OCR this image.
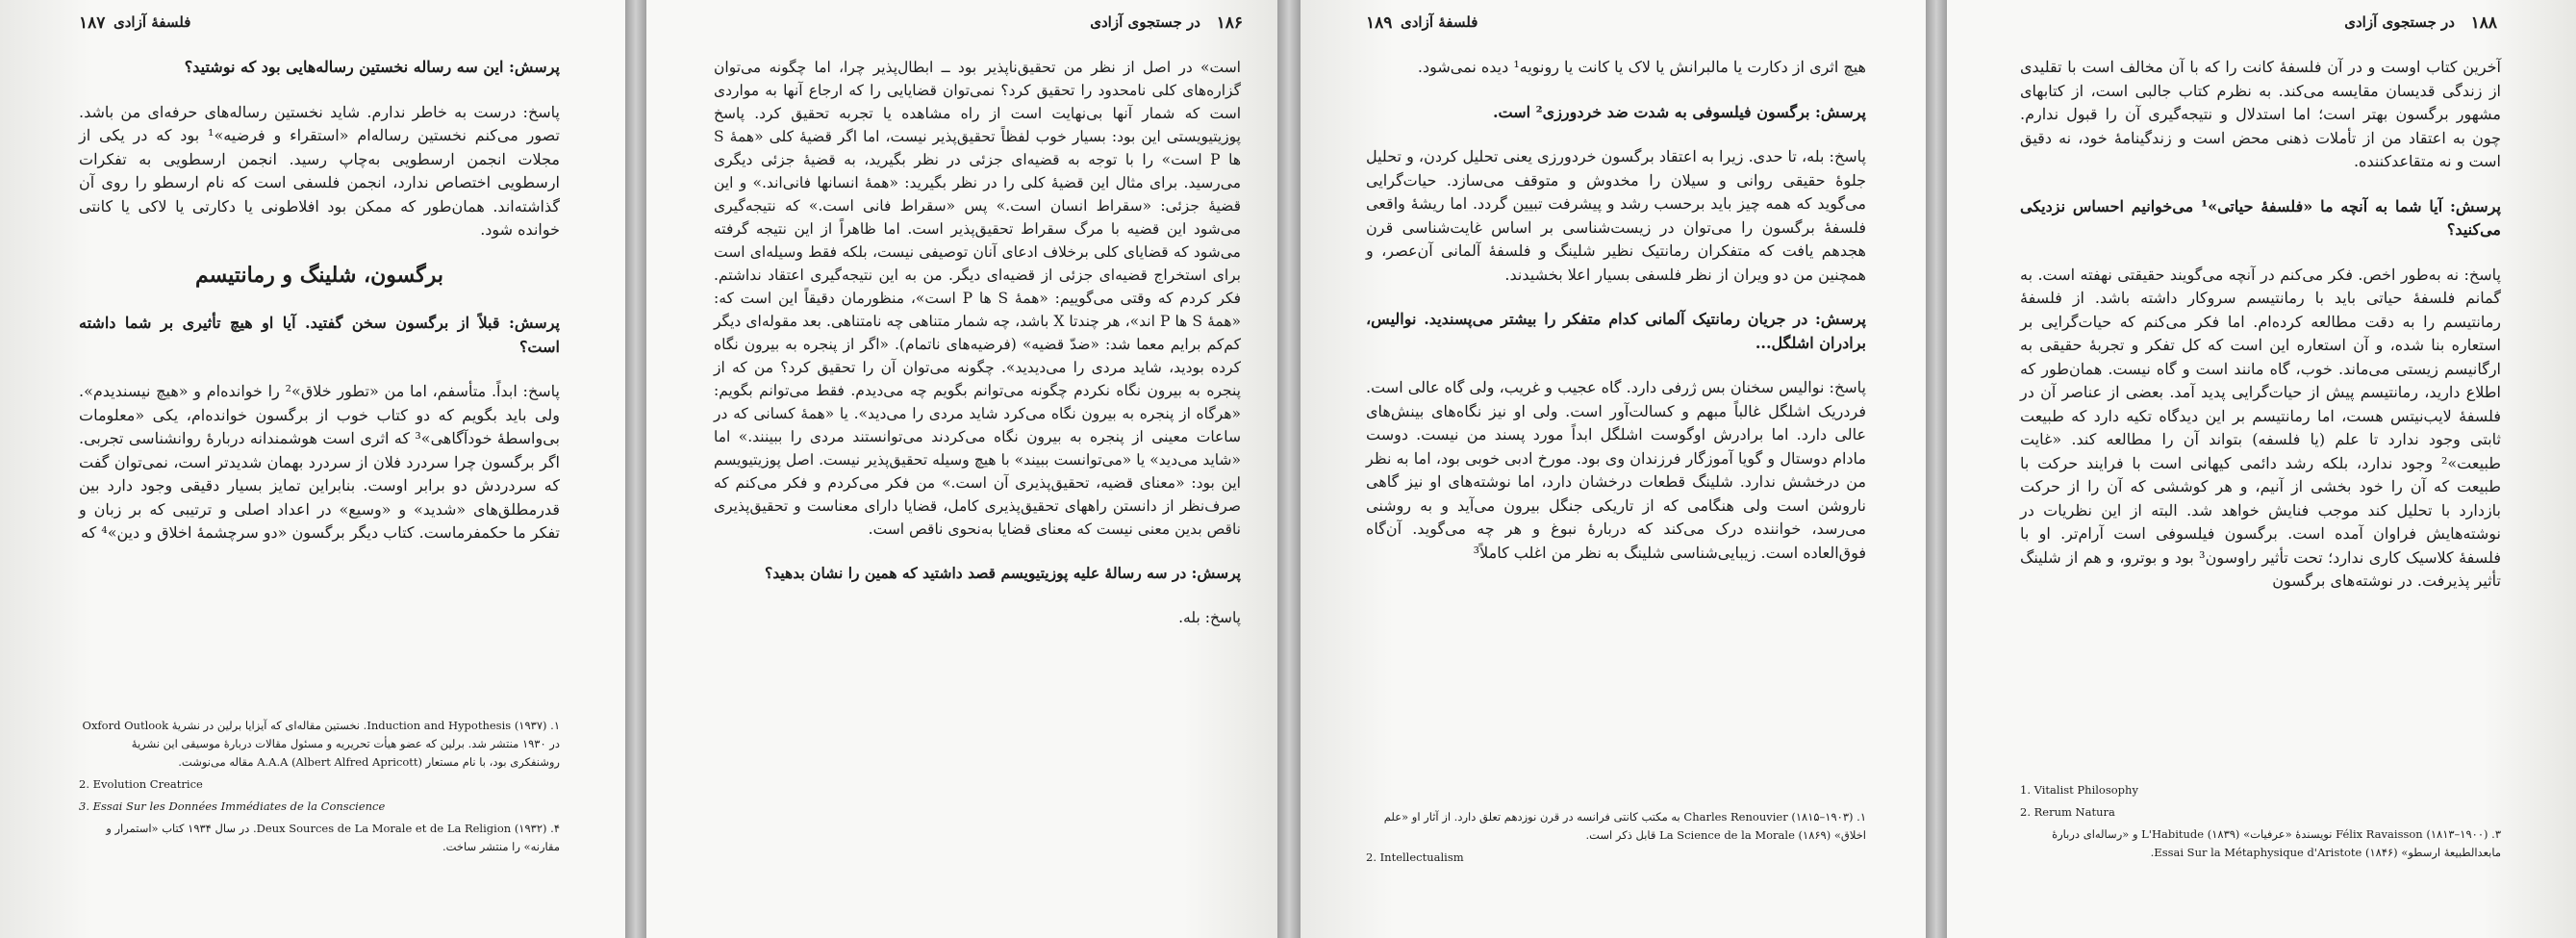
۱۸۷ فلسفهٔ آزادی

پرسش: این سه رساله نخستین رساله‌هایی بود که نوشتید؟

پاسخ: درست به خاطر ندارم. شاید نخستین رساله‌های حرفه‌ای من باشد. تصور می‌کنم نخستین رساله‌ام «استقراء و فرضیه»¹ بود که در یکی از مجلات انجمن ارسطویی به‌چاپ رسید. انجمن ارسطویی به تفکرات ارسطویی اختصاص ندارد، انجمن فلسفی است که نام ارسطو را روی آن گذاشته‌اند. همان‌طور که ممکن بود افلاطونی یا دکارتی یا لاکی یا کانتی خوانده شود.

برگسون، شلینگ و رمانتیسم

پرسش: قبلاً از برگسون سخن گفتید. آیا او هیچ تأثیری بر شما داشته است؟

پاسخ: ابداً. متأسفم، اما من «تطور خلاق»² را خوانده‌ام و «هیچ نیسندیدم». ولی باید بگویم که دو کتاب خوب از برگسون خوانده‌ام، یکی «معلومات بی‌واسطهٔ خودآگاهی»³ که اثری است هوشمندانه دربارهٔ روانشناسی تجربی. اگر برگسون چرا سردرد فلان از سردرد بهمان شدیدتر است، نمی‌توان گفت که سردردش دو برابر اوست. بنابراین تمایز بسیار دقیقی وجود دارد بین قدرمطلق‌های «شدید» و «وسیع» در اعداد اصلی و ترتیبی که بر زبان و تفکر ما حکمفرماست. کتاب دیگر برگسون «دو سرچشمهٔ اخلاق و دین»⁴ که

۱. Induction and Hypothesis (۱۹۳۷). نخستین مقاله‌ای که آیزایا برلین در نشریهٔ Oxford Outlook در ۱۹۳۰ منتشر شد. برلین که عضو هیأت تحریریه و مسئول مقالات دربارهٔ موسیقی این نشریهٔ روشنفکری بود، با نام مستعار A.A.A (Albert Alfred Apricott) مقاله می‌نوشت.
2. Evolution Creatrice
3. Essai Sur les Données Immédiates de la Conscience
۴. Deux Sources de La Morale et de La Religion (۱۹۳۲). در سال ۱۹۳۴ کتاب «استمرار و مقارنه» را منتشر ساخت.
۱۸۶
در جستجوی آزادی

است» در اصل از نظر من تحقیق‌ناپذیر بود ــ ابطال‌پذیر چرا، اما چگونه می‌توان گزاره‌های کلی نامحدود را تحقیق کرد؟ نمی‌توان قضایایی را که ارجاع آنها به مواردی است که شمار آنها بی‌نهایت است از راه مشاهده یا تجربه تحقیق کرد. پاسخ پوزیتیویستی این بود: بسیار خوب لفظاً تحقیق‌پذیر نیست، اما اگر قضیهٔ کلی «همهٔ S ها P است» را با توجه به قضیه‌ای جزئی در نظر بگیرید، به قضیهٔ جزئی دیگری می‌رسید. برای مثال این قضیهٔ کلی را در نظر بگیرید: «همهٔ انسانها فانی‌اند.» و این قضیهٔ جزئی: «سقراط انسان است.» پس «سقراط فانی است.» که نتیجه‌گیری می‌شود این قضیه با مرگ سقراط تحقیق‌پذیر است. اما ظاهراً از این نتیجه گرفته می‌شود که قضایای کلی برخلاف ادعای آنان توصیفی نیست، بلکه فقط وسیله‌ای است برای استخراج قضیه‌ای جزئی از قضیه‌ای دیگر. من به این نتیجه‌گیری اعتقاد نداشتم. فکر کردم که وقتی می‌گوییم: «همهٔ S ها P است»، منظورمان دقیقاً این است که: «همهٔ S ها P ‌اند»، هر چندتا X باشد، چه شمار متناهی چه نامتناهی. بعد مقوله‌ای دیگر کم‌کم برایم معما شد: «ضدّ قضیه» (فرضیه‌های ناتمام). «اگر از پنجره به بیرون نگاه کرده بودید، شاید مردی را می‌دیدید». چگونه می‌توان آن را تحقیق کرد؟ من که از پنجره به بیرون نگاه نکردم چگونه می‌توانم بگویم چه می‌دیدم. فقط می‌توانم بگویم: «هرگاه از پنجره به بیرون نگاه می‌کرد شاید مردی را می‌دید». یا «همهٔ کسانی که در ساعات معینی از پنجره به بیرون نگاه می‌کردند می‌توانستند مردی را ببینند.» اما «شاید می‌دید» یا «می‌توانست ببیند» با هیچ وسیله تحقیق‌پذیر نیست. اصل پوزیتیویسم این بود: «معنای قضیه، تحقیق‌پذیری آن است.» من فکر می‌کردم و فکر می‌کنم که صرف‌نظر از دانستن راههای تحقیق‌پذیری کامل، قضایا دارای معناست و تحقیق‌پذیری ناقص بدین معنی نیست که معنای قضایا به‌نحوی ناقص است.

پرسش: در سه رسالهٔ علیه پوزیتیویسم قصد داشتید که همین را نشان بدهید؟

پاسخ: بله.

۱۸۹ فلسفهٔ آزادی

هیچ اثری از دکارت یا مالبرانش یا لاک یا کانت یا رونویه¹ دیده نمی‌شود.

پرسش: برگسون فیلسوفی به شدت ضد خردورزی² است.

پاسخ: بله، تا حدی. زیرا به اعتقاد برگسون خردورزی یعنی تحلیل کردن، و تحلیل جلوهٔ حقیقی روانی و سیلان را مخدوش و متوقف می‌سازد. حیات‌گرایی می‌گوید که همه چیز باید برحسب رشد و پیشرفت تبیین گردد. اما ریشهٔ واقعی فلسفهٔ برگسون را می‌توان در زیست‌شناسی بر اساس غایت‌شناسی قرن هجدهم یافت که متفکران رمانتیک نظیر شلینگ و فلسفهٔ آلمانی آن‌عصر، و همچنین من دو ویران از نظر فلسفی بسیار اعلا بخشیدند.

پرسش: در جریان رمانتیک آلمانی کدام متفکر را بیشتر می‌پسندید. نوالیس، برادران اشلگل...

پاسخ: نوالیس سخنان بس ژرفی دارد. گاه عجیب و غریب، ولی گاه عالی است. فردریک اشلگل غالباً مبهم و کسالت‌آور است. ولی او نیز نگاه‌های بینش‌های عالی دارد. اما برادرش اوگوست اشلگل ابداً مورد پسند من نیست. دوست مادام دوستال و گویا آموزگار فرزندان وی بود. مورخ ادبی خوبی بود، اما به نظر من درخشش ندارد. شلینگ قطعات درخشان دارد، اما نوشته‌های او نیز گاهی ناروشن است ولی هنگامی که از تاریکی جنگل بیرون می‌آید و به روشنی می‌رسد، خواننده درک می‌کند که دربارهٔ نبوغ و هر چه می‌گوید. آن‌گاه فوق‌العاده است. زیبایی‌شناسی شلینگ به نظر من اغلب کاملاً³

۱. Charles Renouvier (۱۸۱۵–۱۹۰۳) به مکتب کانتی فرانسه در قرن نوزدهم تعلق دارد. از آثار او «علم اخلاق» La Science de la Morale (۱۸۶۹) قابل ذکر است.
2. Intellectualism
۱۸۸
در جستجوی آزادی

آخرین کتاب اوست و در آن فلسفهٔ کانت را که با آن مخالف است با تقلیدی از زندگی قدیسان مقایسه می‌کند. به نظرم کتاب جالبی است، از کتابهای مشهور برگسون بهتر است؛ اما استدلال و نتیجه‌گیری آن را قبول ندارم. چون به اعتقاد من از تأملات ذهنی محض است و زندگینامهٔ خود، نه دقیق است و نه متقاعدکننده.

پرسش: آیا شما به آنچه ما «فلسفهٔ حیاتی»¹ می‌خوانیم احساس نزدیکی می‌کنید؟

پاسخ: نه به‌طور اخص. فکر می‌کنم در آنچه می‌گویند حقیقتی نهفته است. به گمانم فلسفهٔ حیاتی باید با رمانتیسم سروکار داشته باشد. از فلسفهٔ رمانتیسم را به دقت مطالعه کرده‌ام. اما فکر می‌کنم که حیات‌گرایی بر استعاره بنا شده، و آن استعاره این است که کل تفکر و تجربهٔ حقیقی به ارگانیسم زیستی می‌ماند. خوب، گاه مانند است و گاه نیست. همان‌طور که اطلاع دارید، رمانتیسم پیش از حیات‌گرایی پدید آمد. بعضی از عناصر آن در فلسفهٔ لایب‌نیتس هست، اما رمانتیسم بر این دیدگاه تکیه دارد که طبیعت ثابتی وجود ندارد تا علم (یا فلسفه) بتواند آن را مطالعه کند. «غایت طبیعت»² وجود ندارد، بلکه رشد دائمی کیهانی است با فرایند حرکت با طبیعت که آن را خود بخشی از آنیم، و هر کوششی که آن را از حرکت بازدارد با تحلیل کند موجب فنایش خواهد شد. البته از این نظریات در نوشته‌هایش فراوان آمده است. برگسون فیلسوفی است آرام‌تر. او با فلسفهٔ کلاسیک کاری ندارد؛ تحت تأثیر راوسون³ بود و بوترو، و هم از شلینگ تأثیر پذیرفت. در نوشته‌های برگسون

1. Vitalist Philosophy
2. Rerum Natura
۳. Félix Ravaisson (۱۸۱۳–۱۹۰۰) نویسندهٔ «عرفیات» L'Habitude (۱۸۳۹) و «رساله‌ای دربارهٔ مابعدالطبیعهٔ ارسطو» Essai Sur la Métaphysique d'Aristote (۱۸۴۶).
